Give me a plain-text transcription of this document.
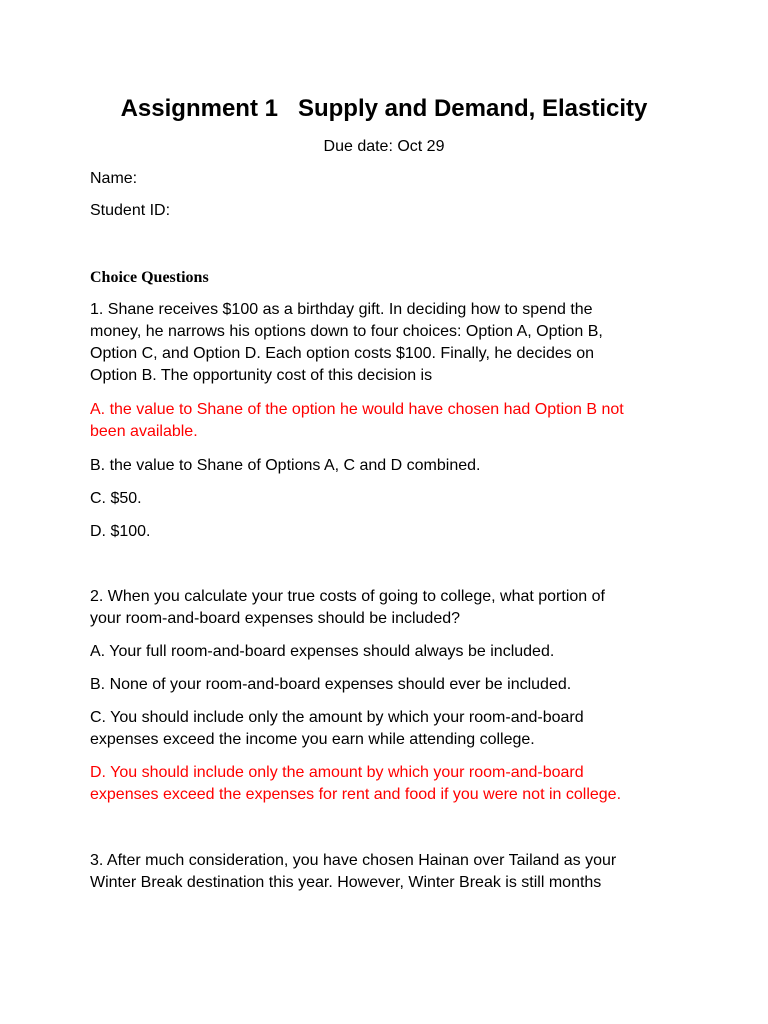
Assignment 1   Supply and Demand, Elasticity
Due date: Oct 29
Name:
Student ID:
Choice Questions
1. Shane receives $100 as a birthday gift. In deciding how to spend the
money, he narrows his options down to four choices: Option A, Option B,
Option C, and Option D. Each option costs $100. Finally, he decides on
Option B. The opportunity cost of this decision is
A. the value to Shane of the option he would have chosen had Option B not
been available.
B. the value to Shane of Options A, C and D combined.
C. $50.
D. $100.
2. When you calculate your true costs of going to college, what portion of
your room-and-board expenses should be included?
A. Your full room-and-board expenses should always be included.
B. None of your room-and-board expenses should ever be included.
C. You should include only the amount by which your room-and-board
expenses exceed the income you earn while attending college.
D. You should include only the amount by which your room-and-board
expenses exceed the expenses for rent and food if you were not in college.
3. After much consideration, you have chosen Hainan over Tailand as your
Winter Break destination this year. However, Winter Break is still months
